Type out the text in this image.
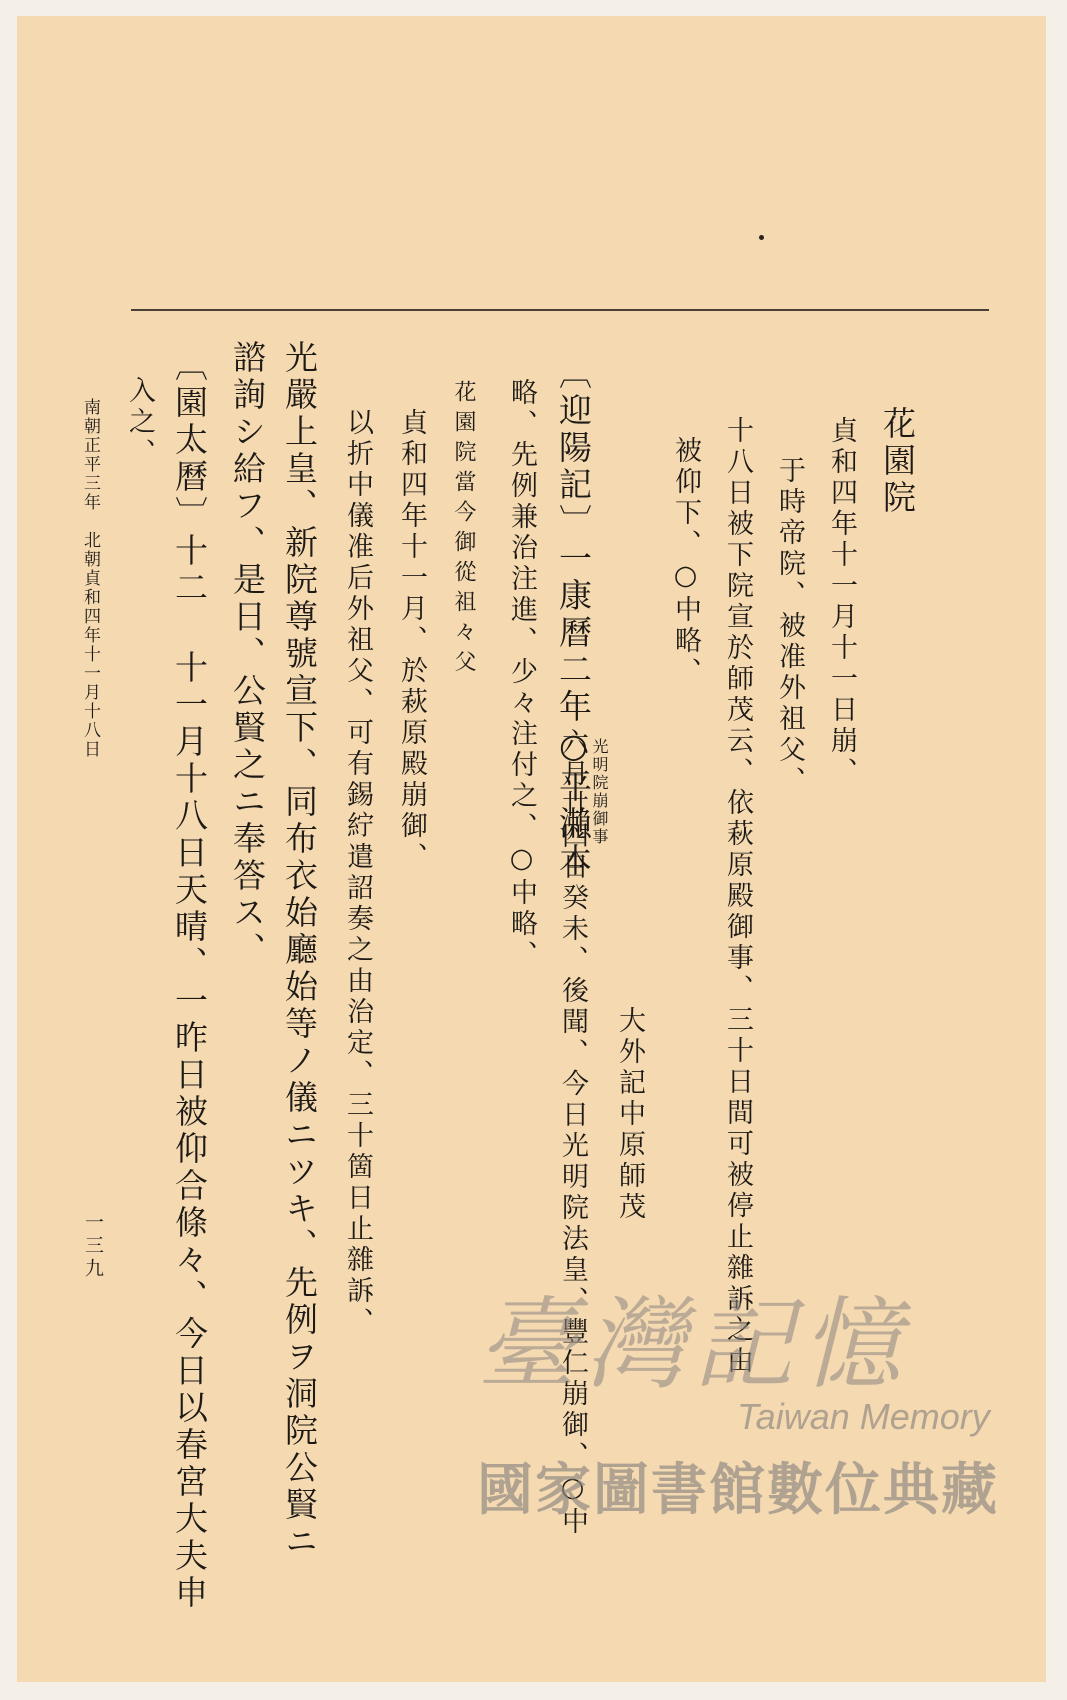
花園院
貞和四年十一月十一日崩、
于時帝院、被准外祖父、
十八日被下院宣於師茂云、依萩原殿御事、三十日間可被停止雜訴之由
被仰下、○中略、
大外記中原師茂
〔迎陽記〕一康曆二年○平瀨本
光明院崩御事
六月廿四日癸未、後聞、今日光明院法皇、豐仁崩御、○中
略、先例兼治注進、少々注付之、○中略、
花園院當今御從祖々父
貞和四年十一月、於萩原殿崩御、
以折中儀准后外祖父、可有錫紵遣詔奏之由治定、三十箇日止雜訴、
光嚴上皇、新院尊號宣下、同布衣始廳始等ノ儀ニツキ、先例ヲ洞院公賢ニ
諮詢シ給フ、是日、公賢之ニ奉答ス、
〔園太曆〕十二 十一月十八日天晴、一昨日被仰合條々、今日以春宮大夫申
入之、
南朝正平三年　北朝貞和四年十一月十八日
一三九
臺灣記憶
Taiwan Memory
國家圖書館數位典藏
